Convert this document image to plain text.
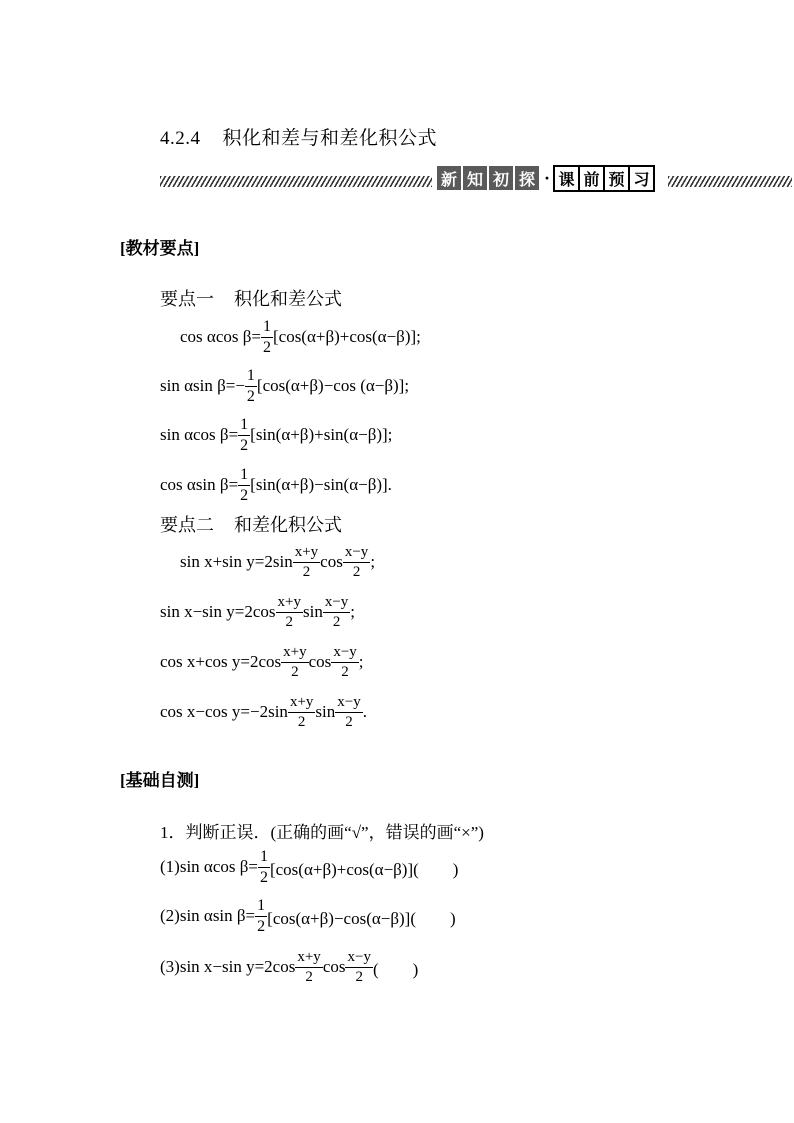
4.2.4 积化和差与和差化积公式
新 知 初 探 · 课 前 预 习
[教材要点]
要点一 积化和差公式
cos αcos $\beta = \frac{1}{2} [\cos(\alpha+\beta)+\cos(\alpha-\beta)]$;
sin αsin $\beta =- \frac{1}{2} [\cos(\alpha+\beta)-\cos$ (α−β)];
sin αcos $\beta = \frac{1}{2} [\sin(\alpha+\beta)+\sin(\alpha-\beta)]$;
cos αsin $\beta = \frac{1}{2} [\sin(\alpha+\beta)-\sin(\alpha-\beta)]$.
要点二 和差化积公式
sin x+sin $y=2\sin \frac{x+y}{2}$ $\cos \frac{x-y}{2}$ ;
sin x−sin $y=2\cos \frac{x+y}{2}$ $\sin \frac{x-y}{2}$ ;
cos x+cos $y=2\cos \frac{x+y}{2}$ $\cos \frac{x-y}{2}$ ;
cos x−cos $y=-2\sin \frac{x+y}{2}$ $\sin \frac{x-y}{2}$ .
[基础自测]
1．判断正误．(正确的画“√”，错误的画“×”)
(1)sin αcos $\beta= \frac{1}{2} [\cos(\alpha+\beta)+\cos(\alpha-\beta)]$(　　)
(2)sin αsin $\beta= \frac{1}{2} [\cos(\alpha+\beta)-\cos(\alpha-\beta)]$(　　)
(3)sin x−sin $y=2\cos \frac{x+y}{2}$ $\cos \frac{x-y}{2}$ (　　)
